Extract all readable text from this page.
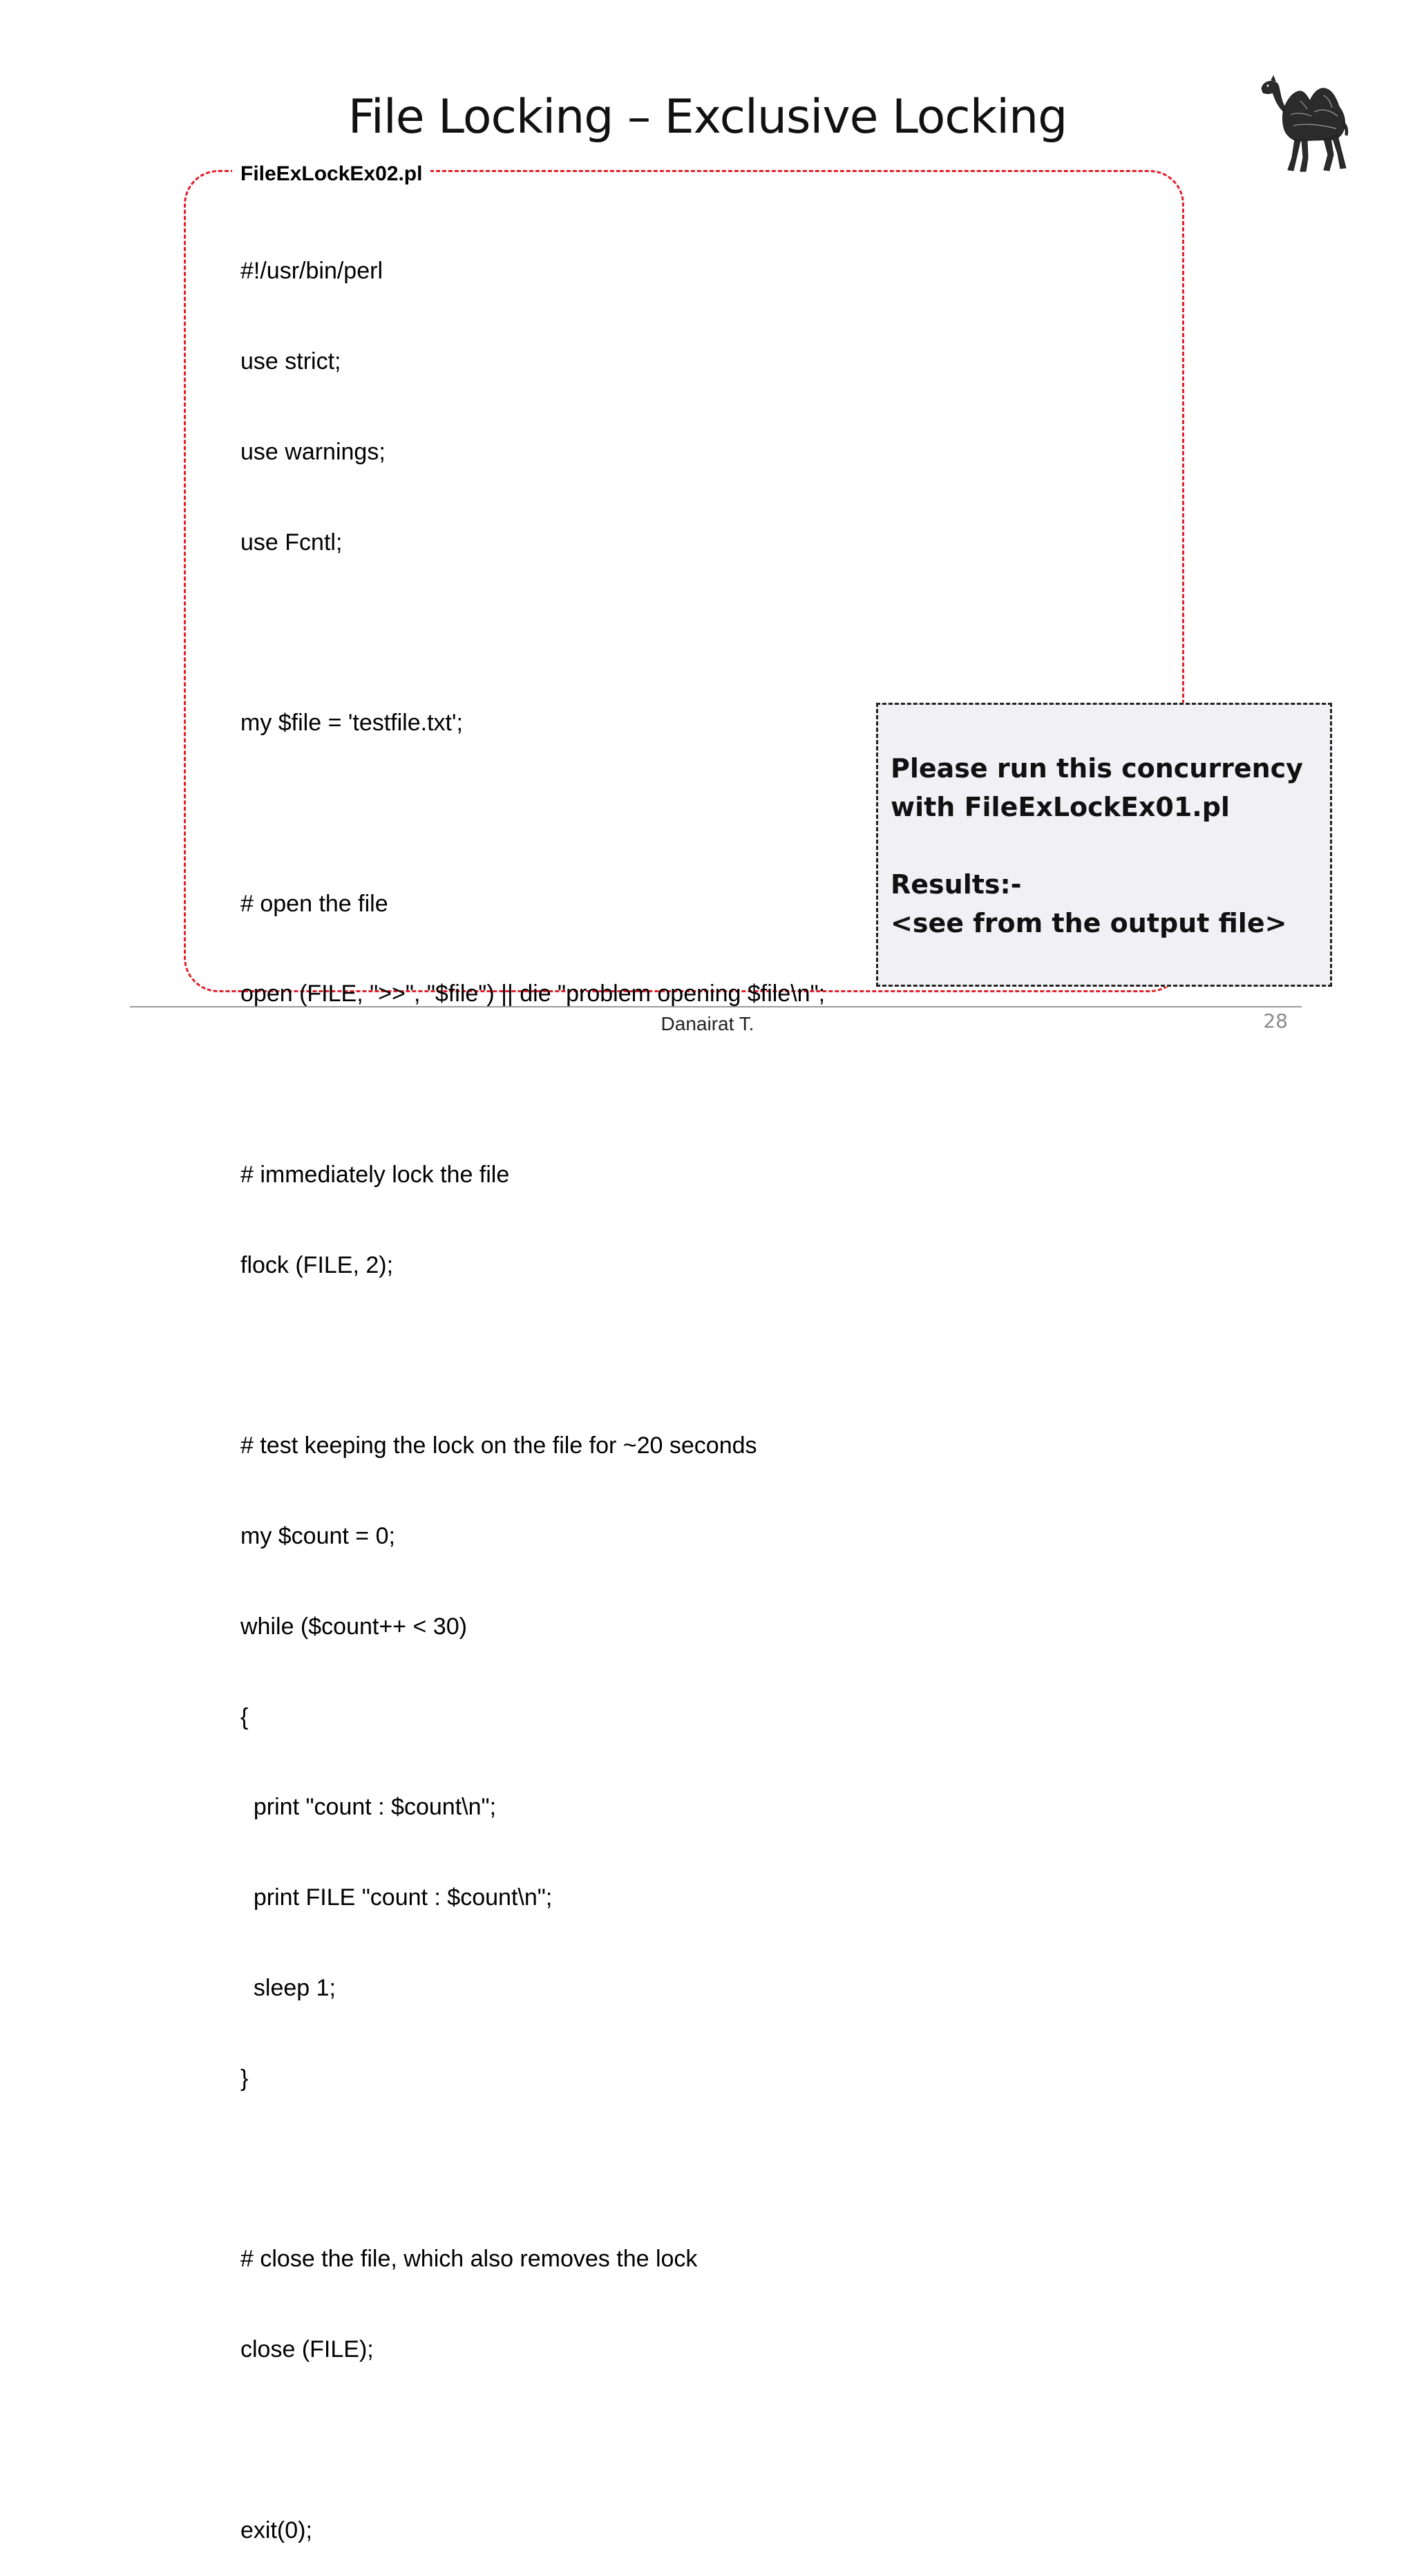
File Locking – Exclusive Locking
FileExLockEx02.pl

#!/usr/bin/perl

use strict;

use warnings;

use Fcntl;

my $file = 'testfile.txt';

# open the file

open (FILE, ">>", "$file") || die "problem opening $file\n";

# immediately lock the file

flock (FILE, 2);

# test keeping the lock on the file for ~20 seconds

my $count = 0;

while ($count++ < 30)

{

print "count : $count\n";

print FILE "count : $count\n";

sleep 1;

}

# close the file, which also removes the lock

close (FILE);

exit(0);

Please run this concurrency
with FileExLockEx01.pl
Results:-
<see from the output file>
Danairat T.	28
